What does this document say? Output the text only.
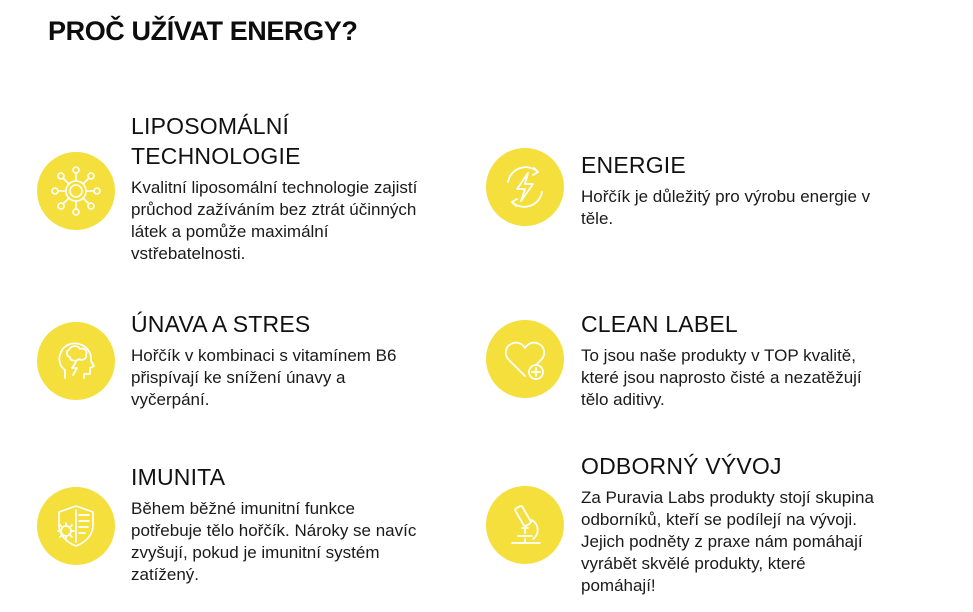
PROČ UŽÍVAT ENERGY?
LIPOSOMÁLNÍ
TECHNOLOGIE

Kvalitní liposomální technologie zajistí
průchod zažíváním bez ztrát účinných
látek a pomůže maximální
vstřebatelnosti.

ENERGIE

Hořčík je důležitý pro výrobu energie v
těle.

ÚNAVA A STRES

Hořčík v kombinaci s vitamínem B6
přispívají ke snížení únavy a
vyčerpání.

CLEAN LABEL

To jsou naše produkty v TOP kvalitě,
které jsou naprosto čisté a nezatěžují
tělo aditivy.

IMUNITA

Během běžné imunitní funkce
potřebuje tělo hořčík. Nároky se navíc
zvyšují, pokud je imunitní systém
zatížený.

ODBORNÝ VÝVOJ

Za Puravia Labs produkty stojí skupina
odborníků, kteří se podílejí na vývoji.
Jejich podněty z praxe nám pomáhají
vyrábět skvělé produkty, které
pomáhají!
